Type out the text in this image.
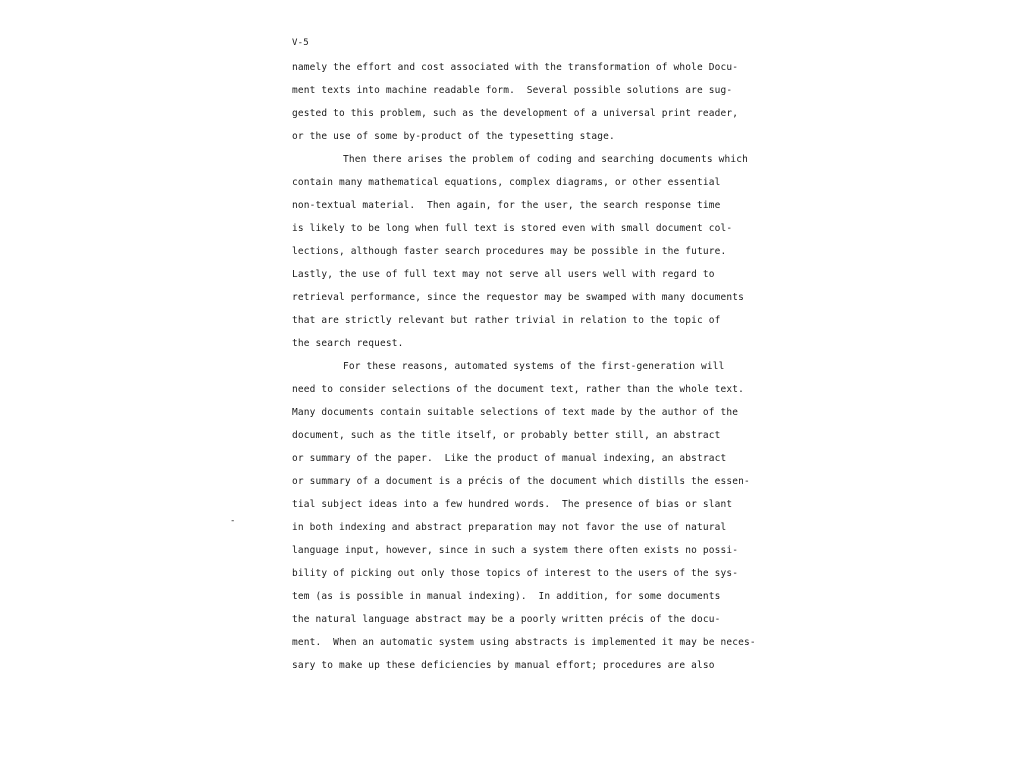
V-5
-
namely the effort and cost associated with the transformation of whole Docu-
ment texts into machine readable form.  Several possible solutions are sug-
gested to this problem, such as the development of a universal print reader,
or the use of some by-product of the typesetting stage.
Then there arises the problem of coding and searching documents which
contain many mathematical equations, complex diagrams, or other essential
non-textual material.  Then again, for the user, the search response time
is likely to be long when full text is stored even with small document col-
lections, although faster search procedures may be possible in the future.
Lastly, the use of full text may not serve all users well with regard to
retrieval performance, since the requestor may be swamped with many documents
that are strictly relevant but rather trivial in relation to the topic of
the search request.
For these reasons, automated systems of the first-generation will
need to consider selections of the document text, rather than the whole text.
Many documents contain suitable selections of text made by the author of the
document, such as the title itself, or probably better still, an abstract
or summary of the paper.  Like the product of manual indexing, an abstract
or summary of a document is a précis of the document which distills the essen-
tial subject ideas into a few hundred words.  The presence of bias or slant
in both indexing and abstract preparation may not favor the use of natural
language input, however, since in such a system there often exists no possi-
bility of picking out only those topics of interest to the users of the sys-
tem (as is possible in manual indexing).  In addition, for some documents
the natural language abstract may be a poorly written précis of the docu-
ment.  When an automatic system using abstracts is implemented it may be neces-
sary to make up these deficiencies by manual effort; procedures are also
